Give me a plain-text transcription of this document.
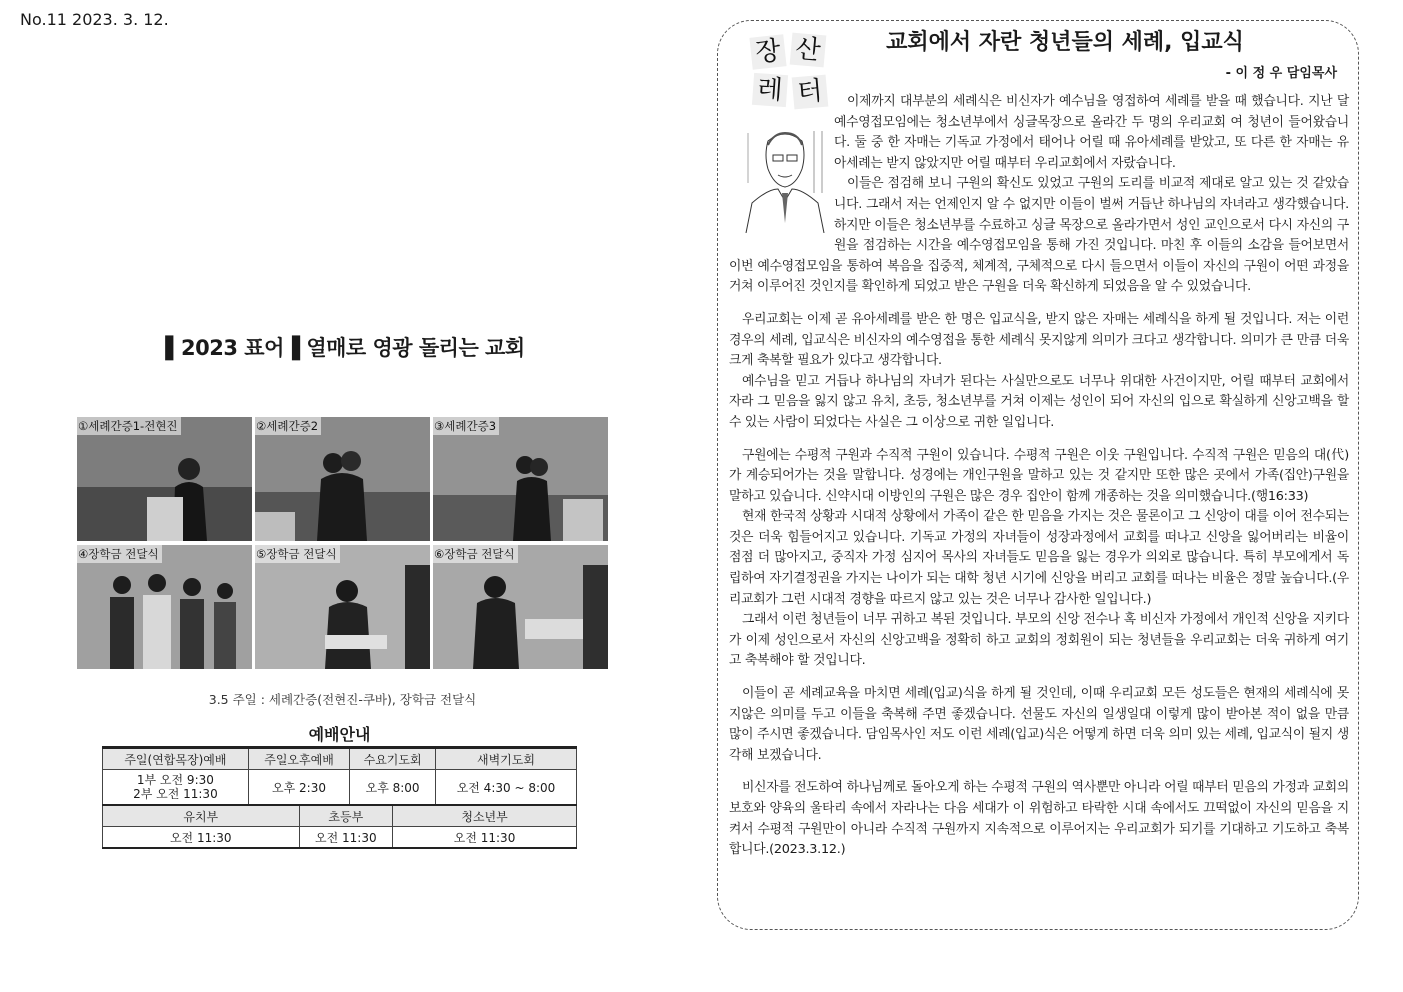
No.11 2023. 3. 12.
▌2023 표어▐ 열매로 영광 돌리는 교회
①세례간증1-전현진	②세례간증2	③세례간증3
④장학금 전달식	⑤장학금 전달식	⑥장학금 전달식
3.5 주일 : 세례간증(전현진-쿠바), 장학금 전달식
예배안내
주일(연합목장)예배	주일오후예배		수요기도회		새벽기도회

1부 오전 9:30
2부 오전 11:30	오후 2:30		오후 8:00		오전 4:30 ~ 8:00
유치부		초등부		청소년부	
오전 11:30		오전 11:30		오전 11:30	
장 산
레 터
교회에서 자란 청년들의 세례, 입교식
- 이 정 우 담임목사

이제까지 대부분의 세례식은 비신자가 예수님을 영접하여 세례를 받을 때 했습니다. 지난 달 예수영접모임에는 청소년부에서 싱글목장으로 올라간 두 명의 우리교회 여 청년이 들어왔습니다. 둘 중 한 자매는 기독교 가정에서 태어나 어릴 때 유아세례를 받았고, 또 다른 한 자매는 유아세례는 받지 않았지만 어릴 때부터 우리교회에서 자랐습니다.

이들은 점검해 보니 구원의 확신도 있었고 구원의 도리를 비교적 제대로 알고 있는 것 같았습니다. 그래서 저는 언제인지 알 수 없지만 이들이 벌써 거듭난 하나님의 자녀라고 생각했습니다. 하지만 이들은 청소년부를 수료하고 싱글 목장으로 올라가면서 성인 교인으로서 다시 자신의 구원을 점검하는 시간을 예수영접모임을 통해 가진 것입니다. 마친 후 이들의 소감을 들어보면서 이번 예수영접모임을 통하여 복음을 집중적, 체계적, 구체적으로 다시 들으면서 이들이 자신의 구원이 어떤 과정을 거쳐 이루어진 것인지를 확인하게 되었고 받은 구원을 더욱 확신하게 되었음을 알 수 있었습니다.

우리교회는 이제 곧 유아세례를 받은 한 명은 입교식을, 받지 않은 자매는 세례식을 하게 될 것입니다. 저는 이런 경우의 세례, 입교식은 비신자의 예수영접을 통한 세례식 못지않게 의미가 크다고 생각합니다. 의미가 큰 만큼 더욱 크게 축복할 필요가 있다고 생각합니다.

예수님을 믿고 거듭나 하나님의 자녀가 된다는 사실만으로도 너무나 위대한 사건이지만, 어릴 때부터 교회에서 자라 그 믿음을 잃지 않고 유치, 초등, 청소년부를 거쳐 이제는 성인이 되어 자신의 입으로 확실하게 신앙고백을 할 수 있는 사람이 되었다는 사실은 그 이상으로 귀한 일입니다.

구원에는 수평적 구원과 수직적 구원이 있습니다. 수평적 구원은 이웃 구원입니다. 수직적 구원은 믿음의 대(代)가 계승되어가는 것을 말합니다. 성경에는 개인구원을 말하고 있는 것 같지만 또한 많은 곳에서 가족(집안)구원을 말하고 있습니다. 신약시대 이방인의 구원은 많은 경우 집안이 함께 개종하는 것을 의미했습니다.(행16:33)

현재 한국적 상황과 시대적 상황에서 가족이 같은 한 믿음을 가지는 것은 물론이고 그 신앙이 대를 이어 전수되는 것은 더욱 힘들어지고 있습니다. 기독교 가정의 자녀들이 성장과정에서 교회를 떠나고 신앙을 잃어버리는 비율이 점점 더 많아지고, 중직자 가정 심지어 목사의 자녀들도 믿음을 잃는 경우가 의외로 많습니다. 특히 부모에게서 독립하여 자기결정권을 가지는 나이가 되는 대학 청년 시기에 신앙을 버리고 교회를 떠나는 비율은 정말 높습니다.(우리교회가 그런 시대적 경향을 따르지 않고 있는 것은 너무나 감사한 일입니다.)

그래서 이런 청년들이 너무 귀하고 복된 것입니다. 부모의 신앙 전수나 혹 비신자 가정에서 개인적 신앙을 지키다가 이제 성인으로서 자신의 신앙고백을 정확히 하고 교회의 정회원이 되는 청년들을 우리교회는 더욱 귀하게 여기고 축복해야 할 것입니다.

이들이 곧 세례교육을 마치면 세례(입교)식을 하게 될 것인데, 이때 우리교회 모든 성도들은 현재의 세례식에 못지않은 의미를 두고 이들을 축복해 주면 좋겠습니다. 선물도 자신의 일생일대 이렇게 많이 받아본 적이 없을 만큼 많이 주시면 좋겠습니다. 담임목사인 저도 이런 세례(입교)식은 어떻게 하면 더욱 의미 있는 세례, 입교식이 될지 생각해 보겠습니다.

비신자를 전도하여 하나님께로 돌아오게 하는 수평적 구원의 역사뿐만 아니라 어릴 때부터 믿음의 가정과 교회의 보호와 양육의 울타리 속에서 자라나는 다음 세대가 이 위험하고 타락한 시대 속에서도 끄떡없이 자신의 믿음을 지켜서 수평적 구원만이 아니라 수직적 구원까지 지속적으로 이루어지는 우리교회가 되기를 기대하고 기도하고 축복합니다.(2023.3.12.)
